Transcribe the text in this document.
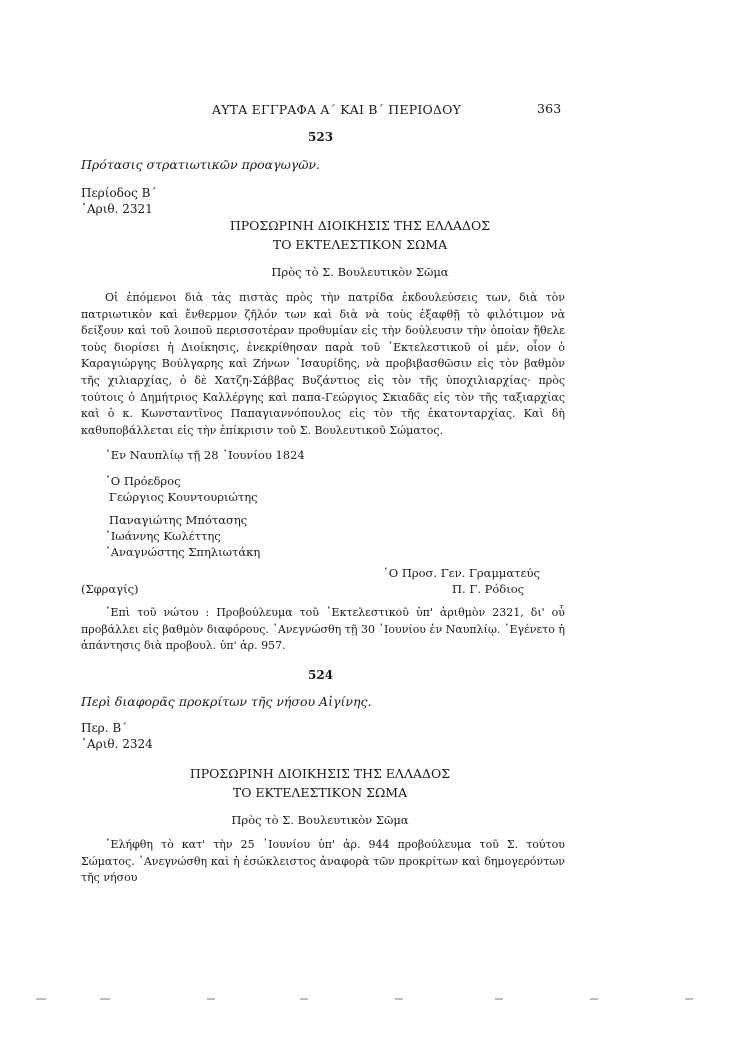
ΑΥΤΑ ΕΓΓΡΑΦΑ Α΄ ΚΑΙ Β΄ ΠΕΡΙΟΔΟΥ	363
523
Πρότασις στρατιωτικῶν προαγωγῶν.
Περίοδος Β΄
᾿Αριθ. 2321
ΠΡΟΣΩΡΙΝΗ ΔΙΟΙΚΗΣΙΣ ΤΗΣ ΕΛΛΑΔΟΣ
ΤΟ ΕΚΤΕΛΕΣΤΙΚΟΝ ΣΩΜΑ
Πρὸς τὸ Σ. Βουλευτικὸν Σῶμα
Οἱ ἑπόμενοι διὰ τὰς πιστὰς πρὸς τὴν πατρίδα ἐκδουλεύσεις των, διὰ τὸν πατριωτικὸν καὶ ἔνθερμον ζῆλόν των καὶ διὰ νὰ τοὺς ἐξαφθῇ τὸ φιλότιμον νὰ δείξουν καὶ τοῦ λοιποῦ περισσοτέραν προθυμίαν εἰς τὴν δούλευσιν τὴν ὁποίαν ἤθελε τοὺς διορίσει ἡ Διοίκησις, ἐνεκρίθησαν παρὰ τοῦ ᾿Εκτελεστικοῦ οἱ μέν, οἷον ὁ Καραγιώργης Βούλγαρης καὶ Ζήνων ᾿Ισαυρίδης, νὰ προβιβασθῶσιν εἰς τὸν βαθμὸν τῆς χιλιαρχίας, ὁ δὲ Χατζη-Σάββας Βυζάντιος εἰς τὸν τῆς ὑποχιλιαρχίας· πρὸς τούτοις ὁ Δημήτριος Καλλέργης καὶ παπα-Γεώργιος Σκιαδᾶς εἰς τὸν τῆς ταξιαρχίας καὶ ὁ κ. Κωνσταντῖνος Παπαγιαννόπουλος εἰς τὸν τῆς ἑκατονταρχίας. Καὶ δὴ καθυποβάλλεται εἰς τὴν ἐπίκρισιν τοῦ Σ. Βουλευτικοῦ Σώματος.
᾿Εν Ναυπλίῳ τῇ 28 ᾿Ιουνίου 1824
῾Ο Πρόεδρος
Γεώργιος Κουντουριώτης
Παναγιώτης Μπότασης
᾿Ιωάννης Κωλέττης
᾿Αναγνώστης Σπηλιωτάκη
῾Ο Προσ. Γεν. Γραμματεύς
Π. Γ. Ρόδιος
(Σφραγίς)
᾿Επὶ τοῦ νώτου : Προβούλευμα τοῦ ᾿Εκτελεστικοῦ ὑπ' ἀριθμὸν 2321, δι' οὗ προβάλλει εἰς βαθμὸν διαφόρους. ᾿Ανεγνώσθη τῇ 30 ᾿Ιουνίου ἐν Ναυπλίῳ. ᾿Εγένετο ἡ ἀπάντησις διὰ προβουλ. ὑπ' ἀρ. 957.
524
Περὶ διαφορᾶς προκρίτων τῆς νήσου Αἰγίνης.
Περ. Β΄
᾿Αριθ. 2324
ΠΡΟΣΩΡΙΝΗ ΔΙΟΙΚΗΣΙΣ ΤΗΣ ΕΛΛΑΔΟΣ
ΤΟ ΕΚΤΕΛΕΣΤΙΚΟΝ ΣΩΜΑ
Πρὸς τὸ Σ. Βουλευτικὸν Σῶμα
᾿Ελήφθη τὸ κατ' τὴν 25 ᾿Ιουνίου ὑπ' ἀρ. 944 προβούλευμα τοῦ Σ. τούτου Σώματος. ᾿Ανεγνώσθη καὶ ἡ ἐσώκλειστος ἀναφορὰ τῶν προκρίτων καὶ δημογερόντων τῆς νήσου
